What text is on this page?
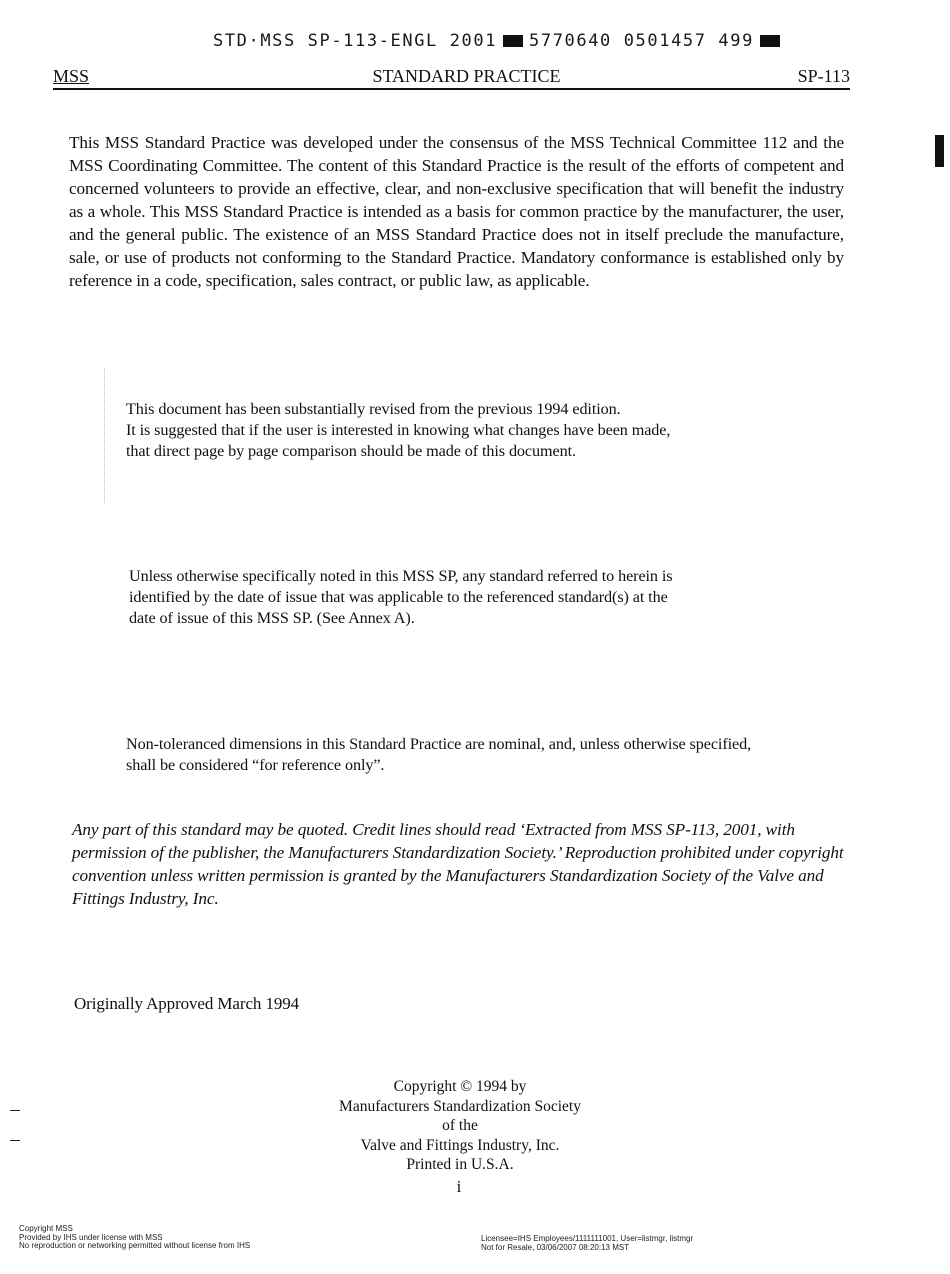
STD·MSS SP-113-ENGL 2001 5770640 0501457 499
MSS	STANDARD PRACTICE	SP-113
This MSS Standard Practice was developed under the consensus of the MSS Technical Committee 112 and the MSS Coordinating Committee. The content of this Standard Practice is the result of the efforts of competent and concerned volunteers to provide an effective, clear, and non-exclusive specification that will benefit the industry as a whole. This MSS Standard Practice is intended as a basis for common practice by the manufacturer, the user, and the general public. The existence of an MSS Standard Practice does not in itself preclude the manufacture, sale, or use of products not conforming to the Standard Practice. Mandatory conformance is established only by reference in a code, specification, sales contract, or public law, as applicable.
This document has been substantially revised from the previous 1994 edition.
It is suggested that if the user is interested in knowing what changes have been made,
that direct page by page comparison should be made of this document.
Unless otherwise specifically noted in this MSS SP, any standard referred to herein is
identified by the date of issue that was applicable to the referenced standard(s) at the
date of issue of this MSS SP. (See Annex A).
Non-toleranced dimensions in this Standard Practice are nominal, and, unless otherwise specified,
shall be considered “for reference only”.
Any part of this standard may be quoted. Credit lines should read ‘Extracted from MSS SP-113, 2001, with permission of the publisher, the Manufacturers Standardization Society.’ Reproduction prohibited under copyright convention unless written permission is granted by the Manufacturers Standardization Society of the Valve and Fittings Industry, Inc.
Originally Approved March 1994
Copyright © 1994 by
Manufacturers Standardization Society
of the
Valve and Fittings Industry, Inc.
Printed in U.S.A.
i
Copyright MSS
Provided by IHS under license with MSS
No reproduction or networking permitted without license from IHS
Licensee=IHS Employees/1111111001, User=listmgr, listmgr
Not for Resale, 03/06/2007 08:20:13 MST
